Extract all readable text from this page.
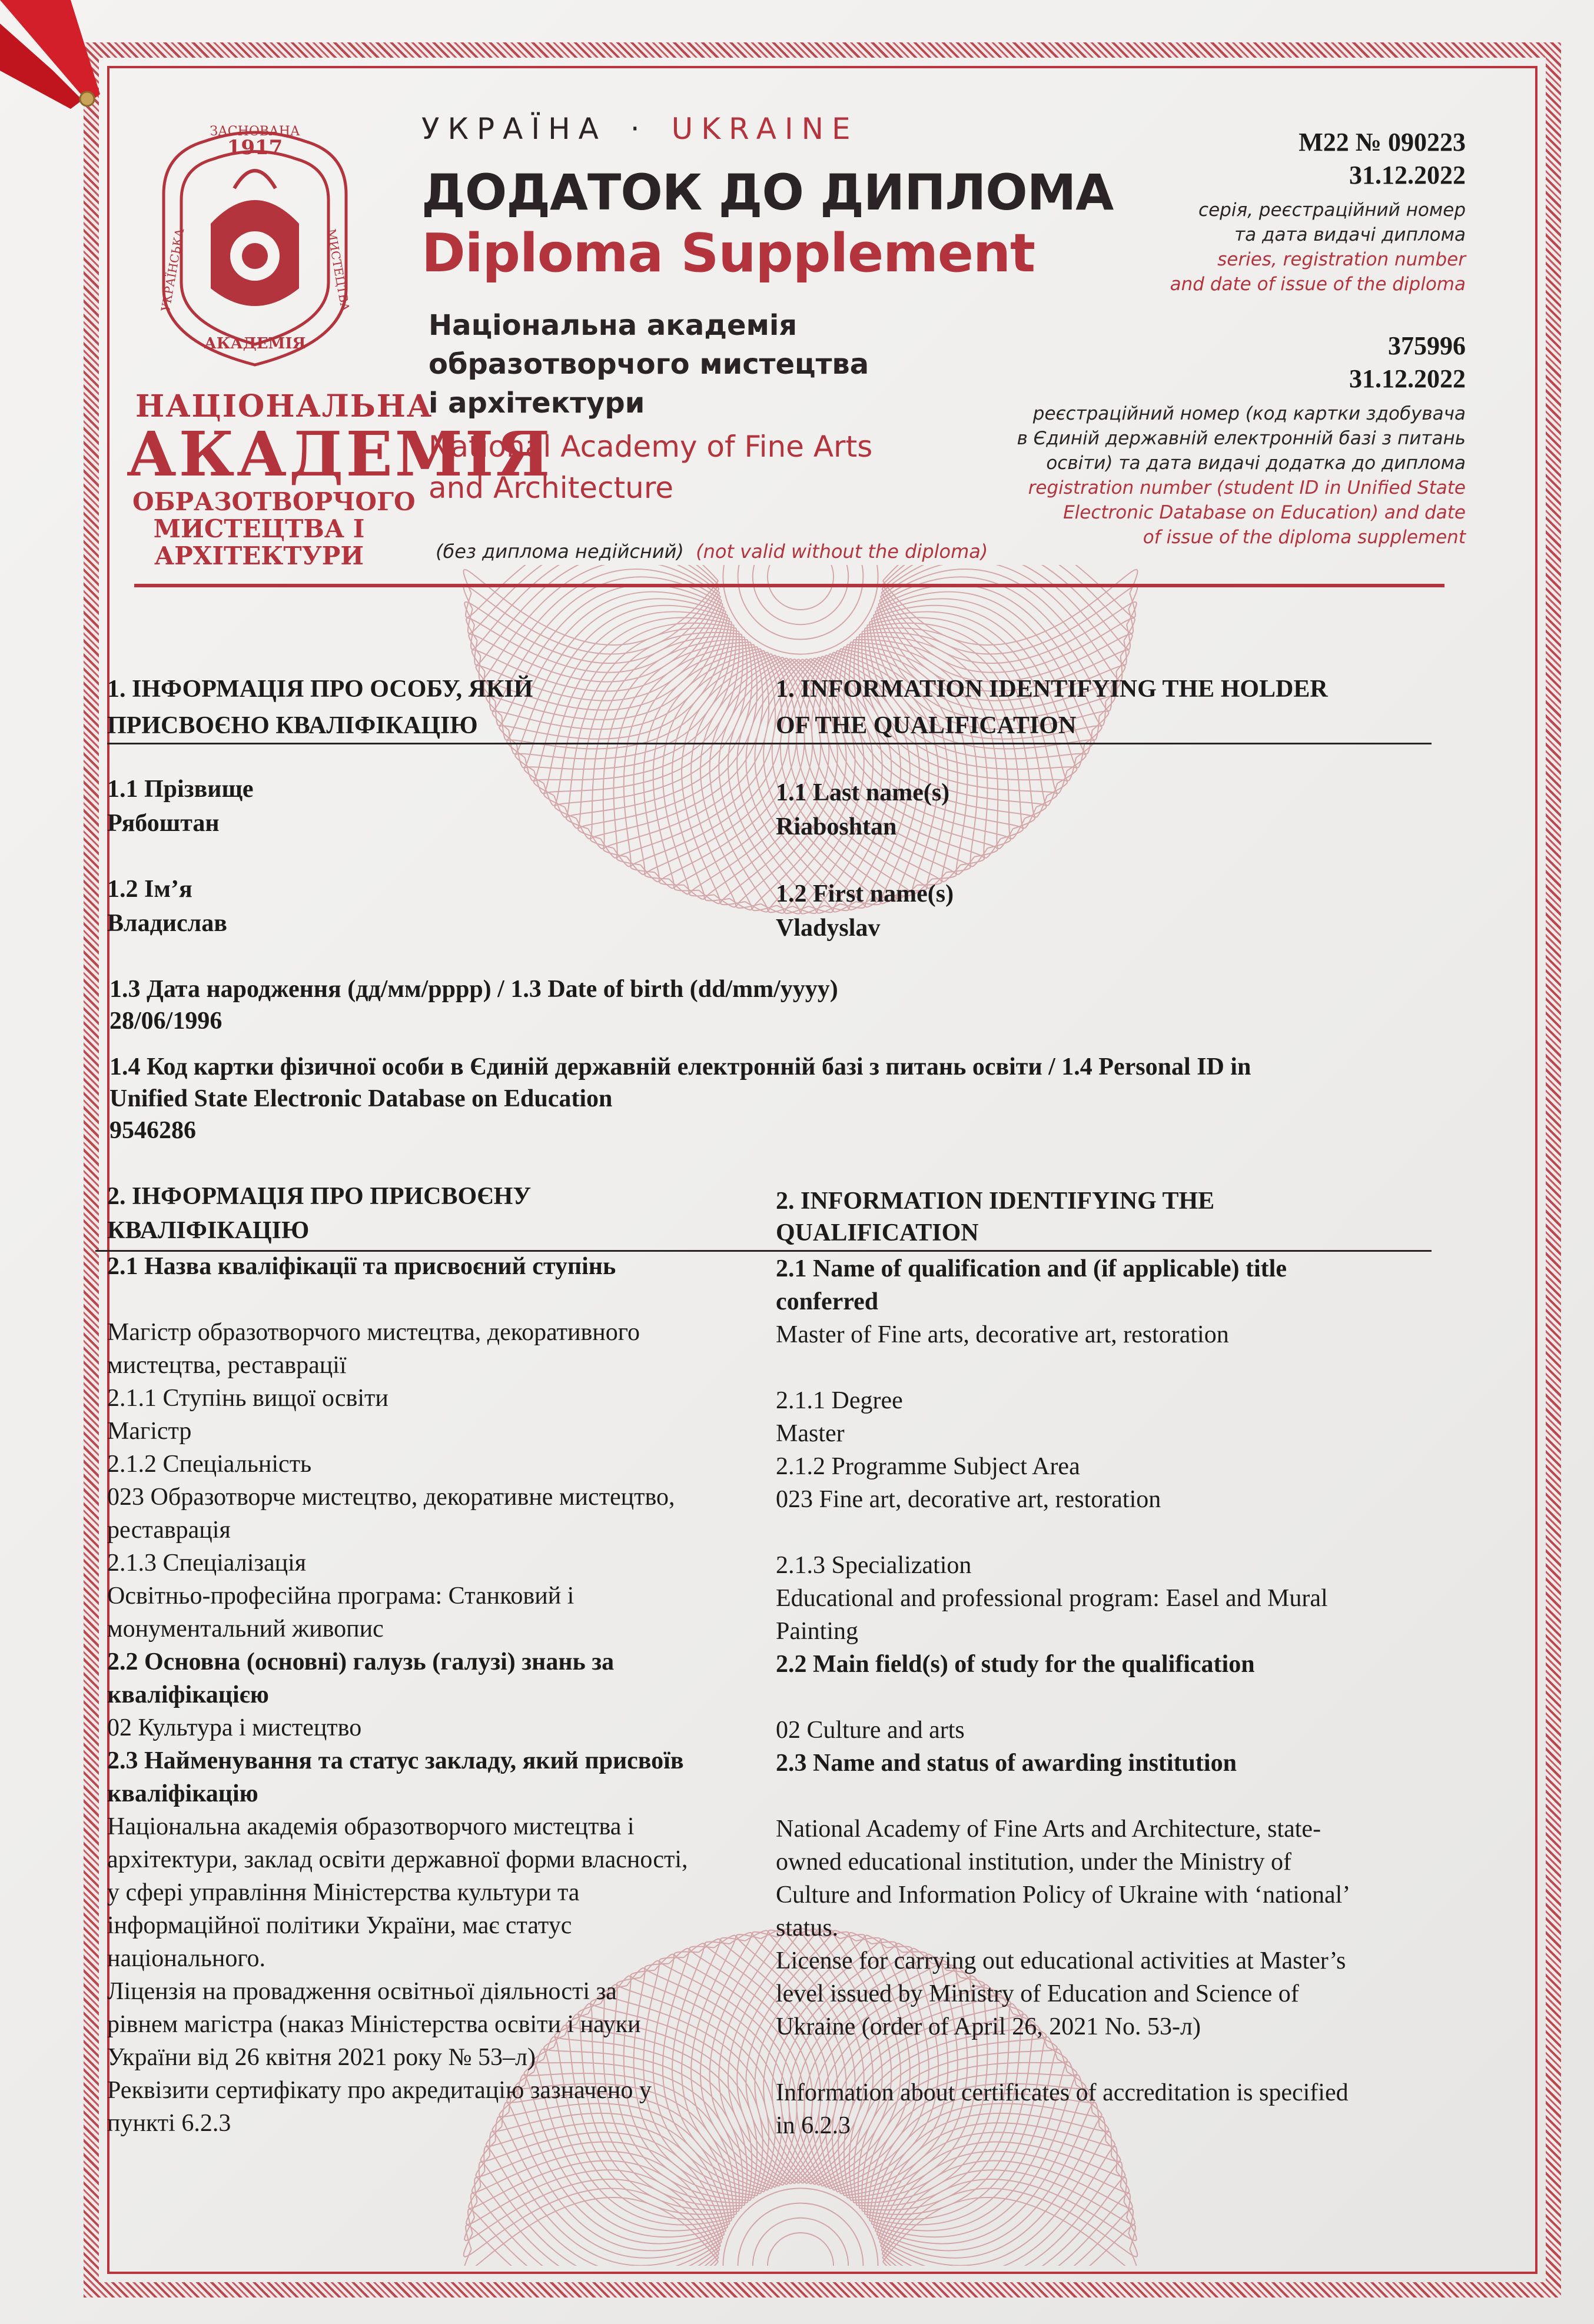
ЗАСНОВАНА
1917
АКАДЕМІЯ
УКРАЇНСЬКА	МИСТЕЦТВА
НАЦІОНАЛЬНА
АКАДЕМІЯ
ОБРАЗОТВОРЧОГО
МИСТЕЦТВА І
АРХІТЕКТУРИ
УКРАЇНА · UKRAINE
ДОДАТОК ДО ДИПЛОМА
Diploma Supplement
Національна академія
образотворчого мистецтва
і архітектури
National Academy of Fine Arts
and Architecture
(без диплома недійсний) (not valid without the diploma)
M22 № 090223
31.12.2022
серія, реєстраційний номер
та дата видачі диплома
series, registration number
and date of issue of the diploma
375996
31.12.2022
реєстраційний номер (код картки здобувача
в Єдиній державній електронній базі з питань
освіти) та дата видачі додатка до диплома
registration number (student ID in Unified State
Electronic Database on Education) and date
of issue of the diploma supplement
1. ІНФОРМАЦІЯ ПРО ОСОБУ, ЯКІЙ
ПРИСВОЄНО КВАЛІФІКАЦІЮ
1. INFORMATION IDENTIFYING THE HOLDER
OF THE QUALIFICATION
1.1 Прізвище
Рябоштан
1.1 Last name(s)
Riaboshtan
1.2 Ім’я
Владислав
1.2 First name(s)
Vladyslav
1.3 Дата народження (дд/мм/рррр) / 1.3 Date of birth (dd/mm/yyyy)
28/06/1996
1.4 Код картки фізичної особи в Єдиній державній електронній базі з питань освіти / 1.4 Personal ID in
Unified State Electronic Database on Education
9546286
2. ІНФОРМАЦІЯ ПРО ПРИСВОЄНУ
КВАЛІФІКАЦІЮ
2. INFORMATION IDENTIFYING THE
QUALIFICATION
2.1 Назва кваліфікації та присвоєний ступінь
Магістр образотворчого мистецтва, декоративного
мистецтва, реставрації
2.1.1 Ступінь вищої освіти
Магістр
2.1.2 Спеціальність
023 Образотворче мистецтво, декоративне мистецтво,
реставрація
2.1.3 Спеціалізація
Освітньо-професійна програма: Станковий і
монументальний живопис
2.2 Основна (основні) галузь (галузі) знань за
кваліфікацією
02 Культура і мистецтво
2.3 Найменування та статус закладу, який присвоїв
кваліфікацію
Національна академія образотворчого мистецтва і
архітектури, заклад освіти державної форми власності,
у сфері управління Міністерства культури та
інформаційної політики України, має статус
національного.
Ліцензія на провадження освітньої діяльності за
рівнем магістра (наказ Міністерства освіти і науки
України від 26 квітня 2021 року № 53–л)
Реквізити сертифікату про акредитацію зазначено у
пункті 6.2.3
2.1 Name of qualification and (if applicable) title
conferred
Master of Fine arts, decorative art, restoration
2.1.1 Degree
Master
2.1.2 Programme Subject Area
023 Fine art, decorative art, restoration
2.1.3 Specialization
Educational and professional program: Easel and Mural
Painting
2.2 Main field(s) of study for the qualification
02 Culture and arts
2.3 Name and status of awarding institution
National Academy of Fine Arts and Architecture, state-
owned educational institution, under the Ministry of
Culture and Information Policy of Ukraine with ‘national’
status.
License for carrying out educational activities at Master’s
level issued by Ministry of Education and Science of
Ukraine (order of April 26, 2021 No. 53-л)
Information about certificates of accreditation is specified
in 6.2.3
